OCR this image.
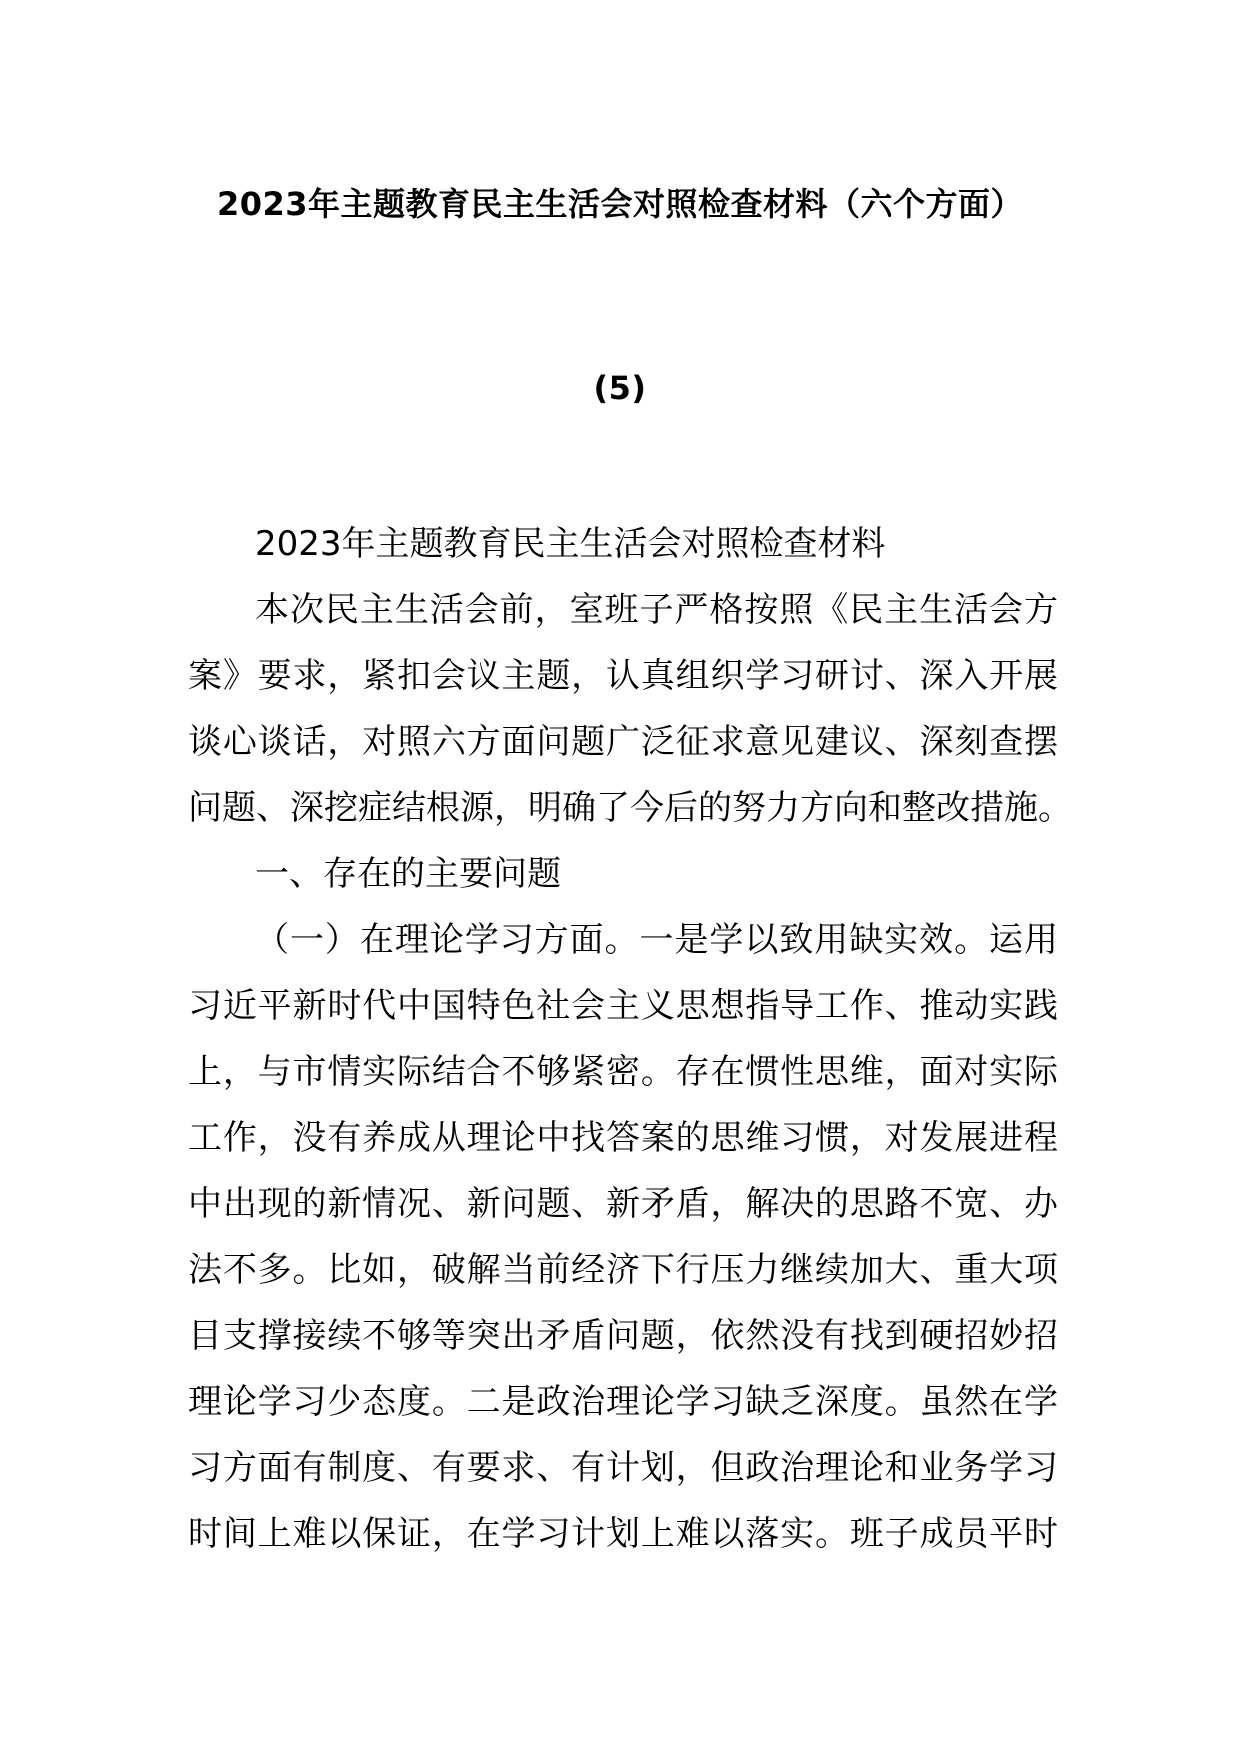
2023年主题教育民主生活会对照检查材料（六个方面）
(5)

2023年主题教育民主生活会对照检查材料

本次民主生活会前，室班子严格按照《民主生活会方

案》要求，紧扣会议主题，认真组织学习研讨、深入开展

谈心谈话，对照六方面问题广泛征求意见建议、深刻查摆

问题、深挖症结根源，明确了今后的努力方向和整改措施。

一、存在的主要问题

（一）在理论学习方面。一是学以致用缺实效。运用

习近平新时代中国特色社会主义思想指导工作、推动实践

上，与市情实际结合不够紧密。存在惯性思维，面对实际

工作，没有养成从理论中找答案的思维习惯，对发展进程

中出现的新情况、新问题、新矛盾，解决的思路不宽、办

法不多。比如，破解当前经济下行压力继续加大、重大项

目支撑接续不够等突出矛盾问题，依然没有找到硬招妙招

理论学习少态度。二是政治理论学习缺乏深度。虽然在学

习方面有制度、有要求、有计划，但政治理论和业务学习

时间上难以保证，在学习计划上难以落实。班子成员平时
